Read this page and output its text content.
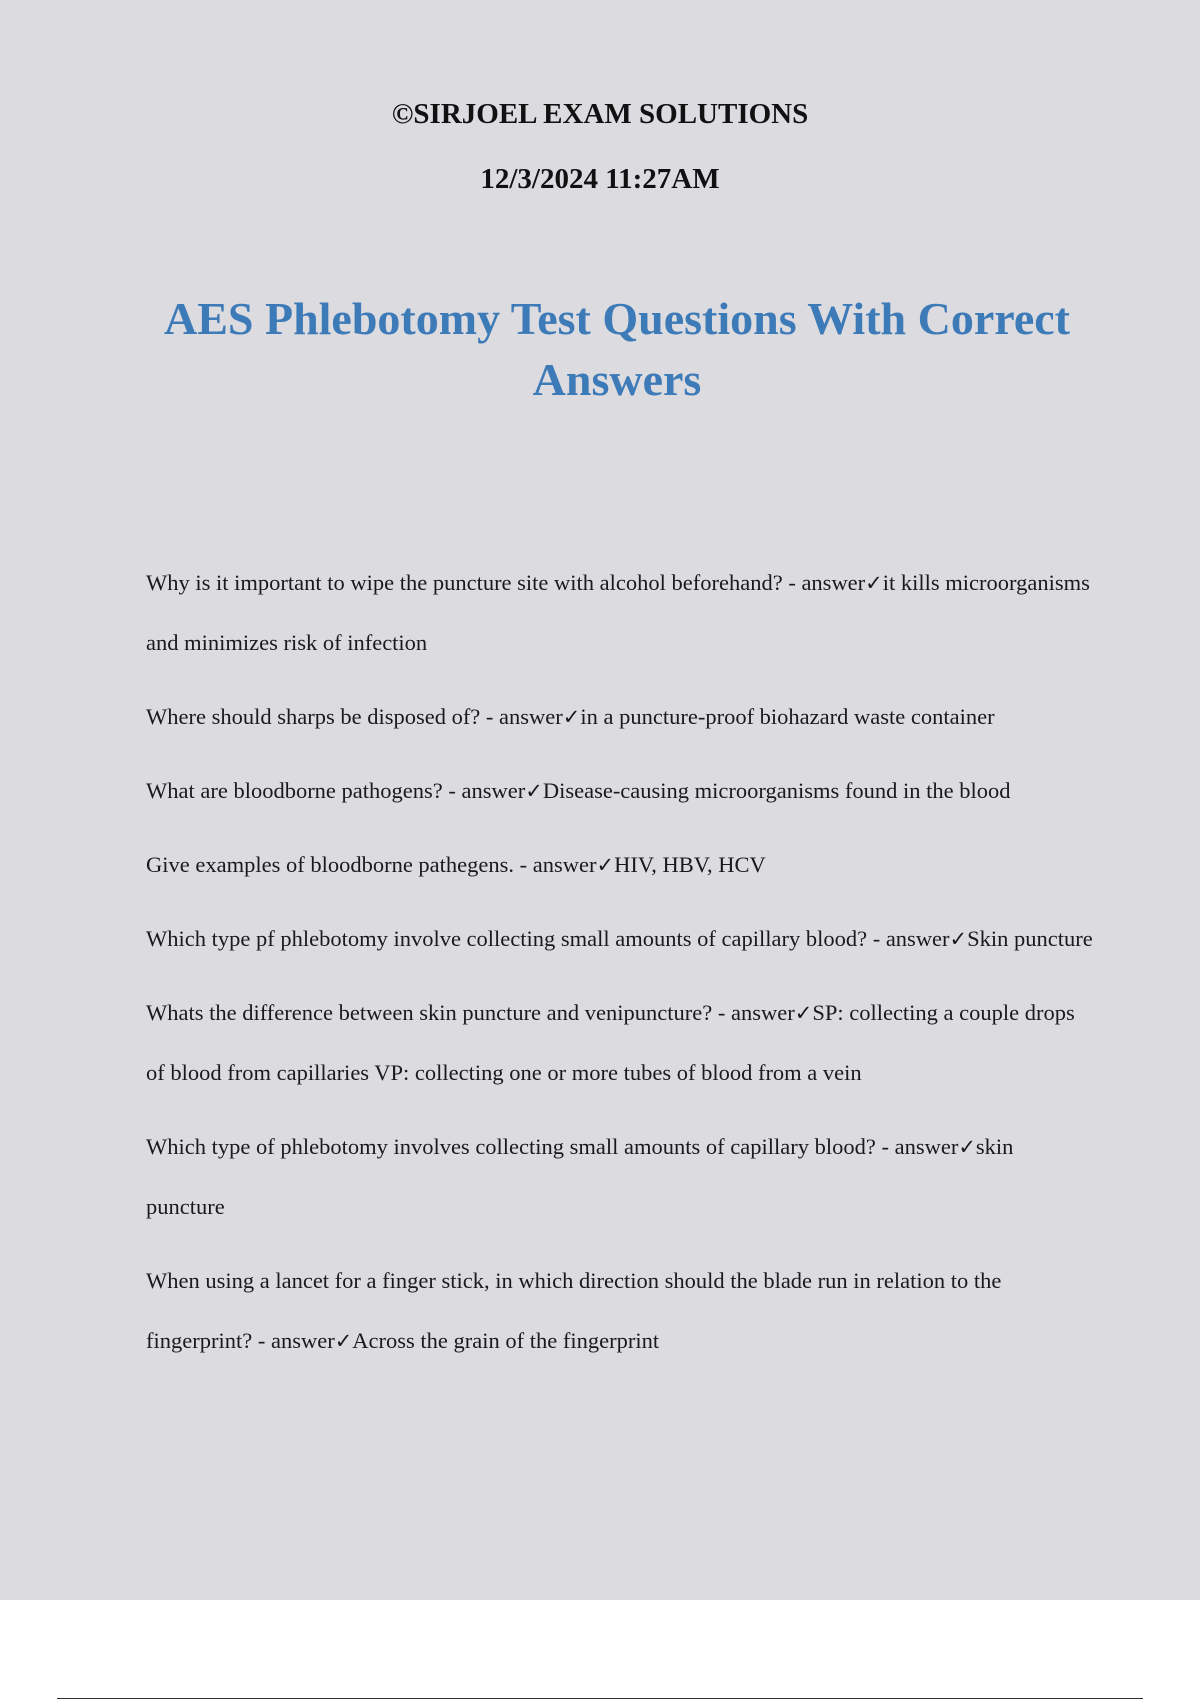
©SIRJOEL EXAM SOLUTIONS
12/3/2024 11:27AM
AES Phlebotomy Test Questions With Correct Answers
Why is it important to wipe the puncture site with alcohol beforehand? - answer✓it kills microorganisms and minimizes risk of infection
Where should sharps be disposed of? - answer✓in a puncture-proof biohazard waste container
What are bloodborne pathogens? - answer✓Disease-causing microorganisms found in the blood
Give examples of bloodborne pathegens. - answer✓HIV, HBV, HCV
Which type pf phlebotomy involve collecting small amounts of capillary blood? - answer✓Skin puncture
Whats the difference between skin puncture and venipuncture? - answer✓SP: collecting a couple drops of blood from capillaries VP: collecting one or more tubes of blood from a vein
Which type of phlebotomy involves collecting small amounts of capillary blood? - answer✓skin puncture
When using a lancet for a finger stick, in which direction should the blade run in relation to the fingerprint? - answer✓Across the grain of the fingerprint
